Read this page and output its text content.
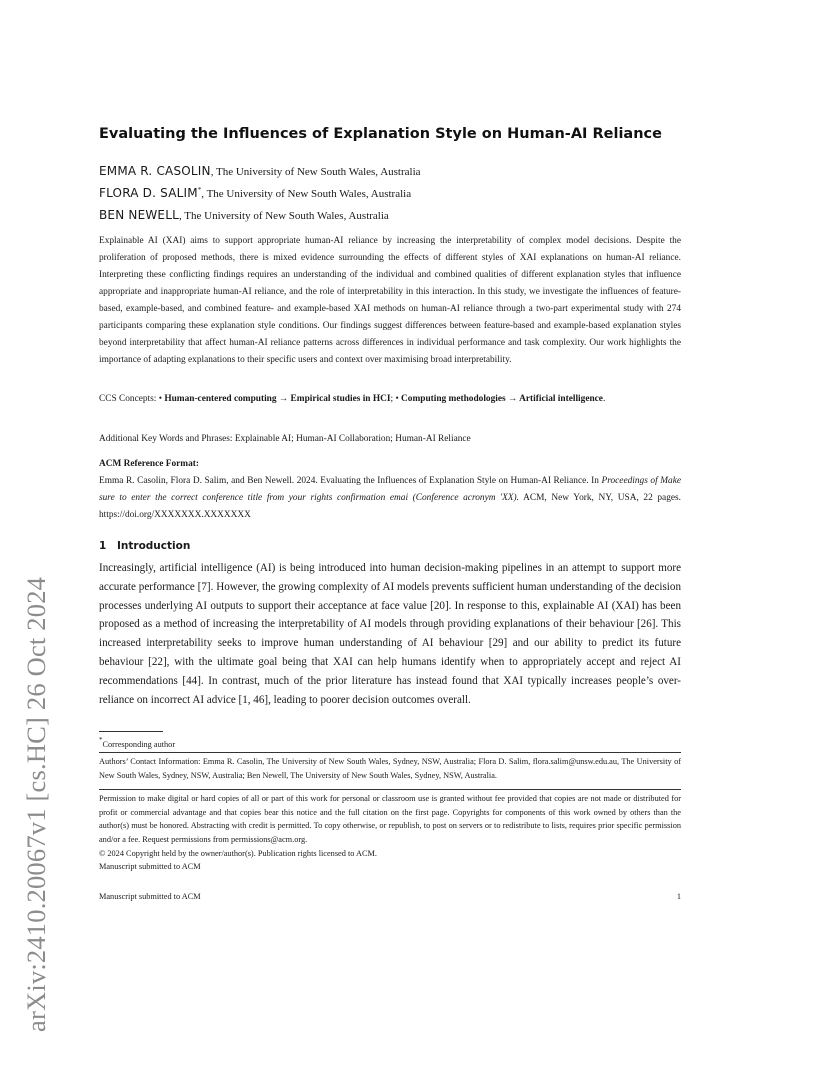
arXiv:2410.20067v1 [cs.HC] 26 Oct 2024
Evaluating the Influences of Explanation Style on Human-AI Reliance
EMMA R. CASOLIN, The University of New South Wales, Australia
FLORA D. SALIM*, The University of New South Wales, Australia
BEN NEWELL, The University of New South Wales, Australia

Explainable AI (XAI) aims to support appropriate human-AI reliance by increasing the interpretability of complex model decisions. Despite the proliferation of proposed methods, there is mixed evidence surrounding the effects of different styles of XAI explanations on human-AI reliance. Interpreting these conflicting findings requires an understanding of the individual and combined qualities of different explanation styles that influence appropriate and inappropriate human-AI reliance, and the role of interpretability in this interaction. In this study, we investigate the influences of feature-based, example-based, and combined feature- and example-based XAI methods on human-AI reliance through a two-part experimental study with 274 participants comparing these explanation style conditions. Our findings suggest differences between feature-based and example-based explanation styles beyond interpretability that affect human-AI reliance patterns across differences in individual performance and task complexity. Our work highlights the importance of adapting explanations to their specific users and context over maximising broad interpretability.

CCS Concepts: • Human-centered computing → Empirical studies in HCI; • Computing methodologies → Artificial intelligence.

Additional Key Words and Phrases: Explainable AI; Human-AI Collaboration; Human-AI Reliance

ACM Reference Format:

Emma R. Casolin, Flora D. Salim, and Ben Newell. 2024. Evaluating the Influences of Explanation Style on Human-AI Reliance. In Proceedings of Make sure to enter the correct conference title from your rights confirmation emai (Conference acronym 'XX). ACM, New York, NY, USA, 22 pages. https://doi.org/XXXXXXX.XXXXXXX

1 Introduction

Increasingly, artificial intelligence (AI) is being introduced into human decision-making pipelines in an attempt to support more accurate performance [7]. However, the growing complexity of AI models prevents sufficient human understanding of the decision processes underlying AI outputs to support their acceptance at face value [20]. In response to this, explainable AI (XAI) has been proposed as a method of increasing the interpretability of AI models through providing explanations of their behaviour [26]. This increased interpretability seeks to improve human understanding of AI behaviour [29] and our ability to predict its future behaviour [22], with the ultimate goal being that XAI can help humans identify when to appropriately accept and reject AI recommendations [44]. In contrast, much of the prior literature has instead found that XAI typically increases people’s over-reliance on incorrect AI advice [1, 46], leading to poorer decision outcomes overall.

*Corresponding author

Authors’ Contact Information: Emma R. Casolin, The University of New South Wales, Sydney, NSW, Australia; Flora D. Salim, flora.salim@unsw.edu.au, The University of New South Wales, Sydney, NSW, Australia; Ben Newell, The University of New South Wales, Sydney, NSW, Australia.

Permission to make digital or hard copies of all or part of this work for personal or classroom use is granted without fee provided that copies are not made or distributed for profit or commercial advantage and that copies bear this notice and the full citation on the first page. Copyrights for components of this work owned by others than the author(s) must be honored. Abstracting with credit is permitted. To copy otherwise, or republish, to post on servers or to redistribute to lists, requires prior specific permission and/or a fee. Request permissions from permissions@acm.org.

© 2024 Copyright held by the owner/author(s). Publication rights licensed to ACM.

Manuscript submitted to ACM

Manuscript submitted to ACM	1
